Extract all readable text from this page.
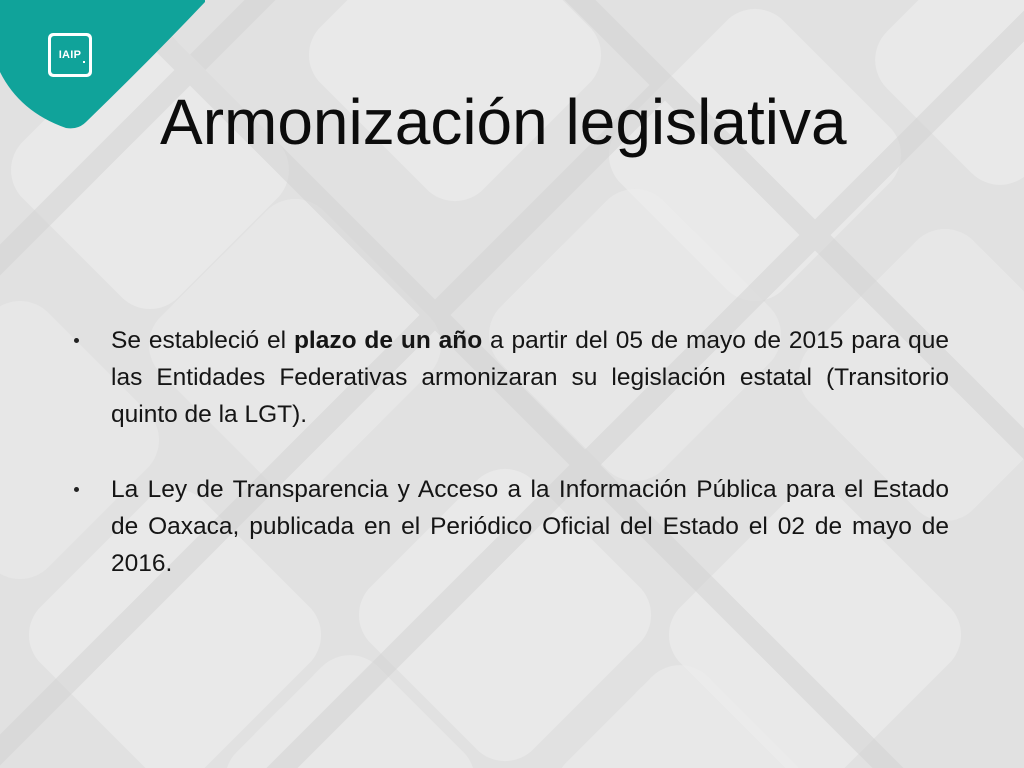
IAIP
Armonización legislativa
Se estableció el plazo de un año a partir del 05 de mayo de 2015 para que las Entidades Federativas armonizaran su legislación estatal (Transitorio quinto de la LGT).
La Ley de Transparencia y Acceso a la Información Pública para el Estado de Oaxaca, publicada en el Periódico Oficial del Estado el 02 de mayo de 2016.
